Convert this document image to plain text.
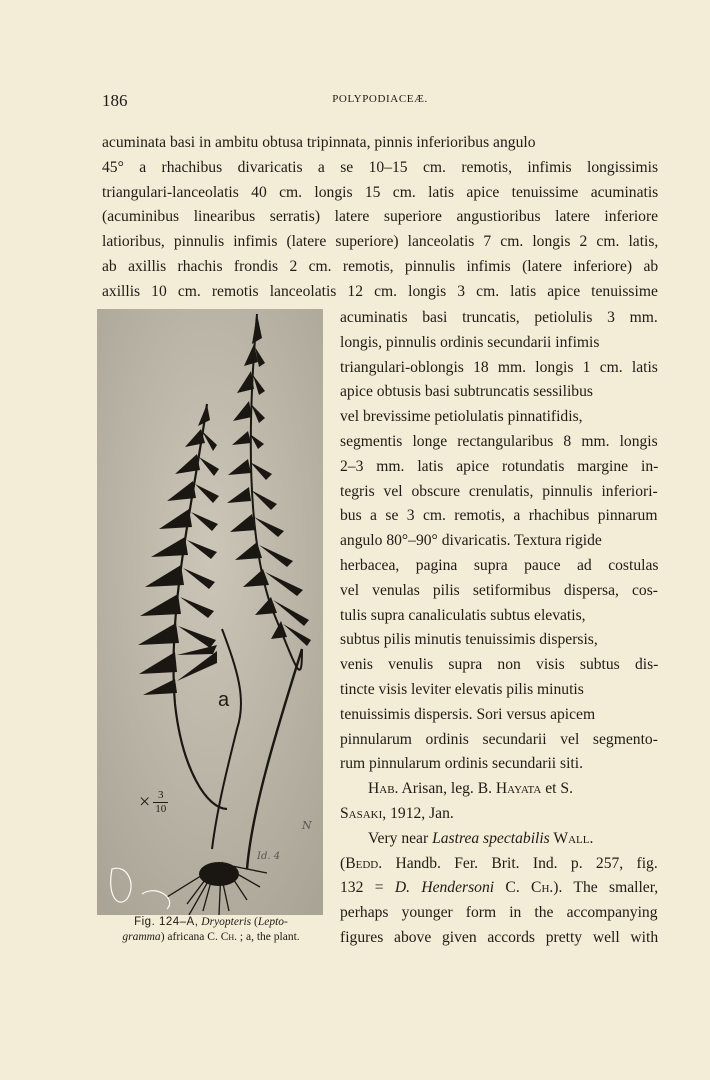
186	POLYPODIACEÆ.
acuminata basi in ambitu obtusa tripinnata, pinnis inferioribus angulo
45° a rhachibus divaricatis a se 10–15 cm. remotis, infimis longissimis
triangulari-lanceolatis 40 cm. longis 15 cm. latis apice tenuissime acuminatis
(acuminibus linearibus serratis) latere superiore angustioribus latere inferiore
latioribus, pinnulis infimis (latere superiore) lanceolatis 7 cm. longis 2 cm. latis,
ab axillis rhachis frondis 2 cm. remotis, pinnulis infimis (latere inferiore) ab
axillis 10 cm. remotis lanceolatis 12 cm. longis 3 cm. latis apice tenuissime
N
Id. 4
a
× $\frac{3}{10}$
Fig. 124–A, Dryopteris (Lepto-
gramma) africana C. Ch. ; a, the plant.
acuminatis basi truncatis, petiolulis 3 mm.
longis, pinnulis ordinis secundarii infimis
triangulari-oblongis 18 mm. longis 1 cm. latis
apice obtusis basi subtruncatis sessilibus
vel brevissime petiolulatis pinnatifidis,
segmentis longe rectangularibus 8 mm. longis
2–3 mm. latis apice rotundatis margine in-
tegris vel obscure crenulatis, pinnulis inferiori-
bus a se 3 cm. remotis, a rhachibus pinnarum
angulo 80°–90° divaricatis. Textura rigide
herbacea, pagina supra pauce ad costulas
vel venulas pilis setiformibus dispersa, cos-
tulis supra canaliculatis subtus elevatis,
subtus pilis minutis tenuissimis dispersis,
venis venulis supra non visis subtus dis-
tincte visis leviter elevatis pilis minutis
tenuissimis dispersis. Sori versus apicem
pinnularum ordinis secundarii vel segmento-
rum pinnularum ordinis secundarii siti.
Hab. Arisan, leg. B. Hayata et S.
Sasaki, 1912, Jan.
Very near Lastrea spectabilis Wall.
(Bedd. Handb. Fer. Brit. Ind. p. 257, fig.
132 = D. Hendersoni C. Ch.). The smaller,
perhaps younger form in the accompanying
figures above given accords pretty well with
